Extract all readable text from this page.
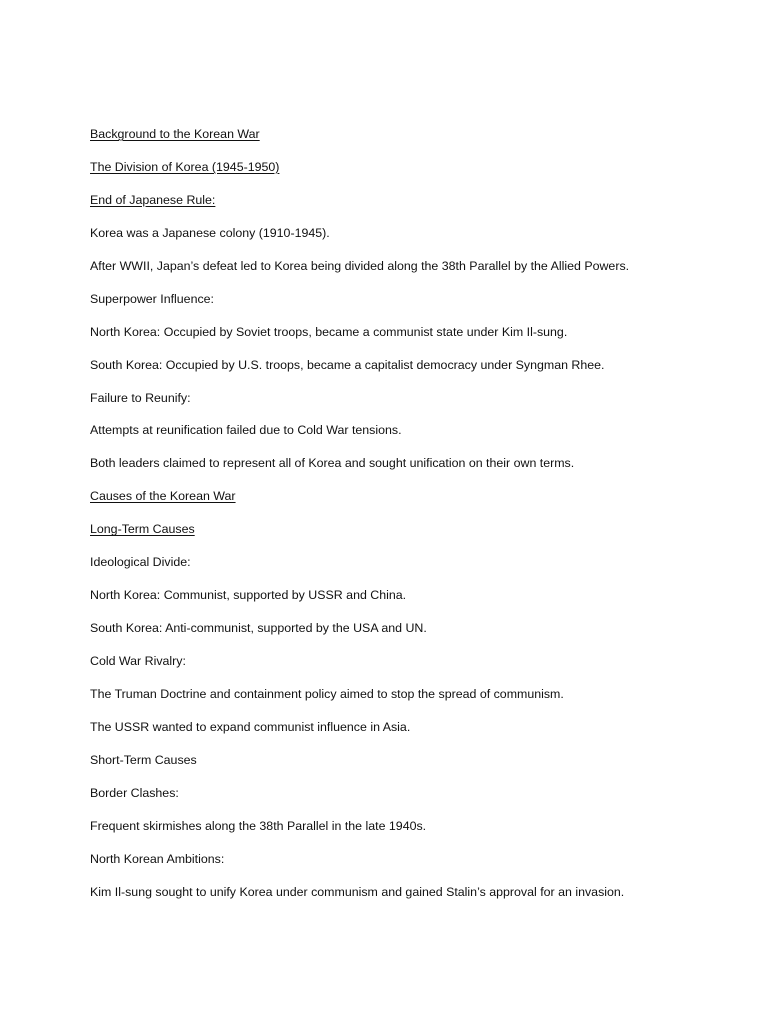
Background to the Korean War

The Division of Korea (1945-1950)

End of Japanese Rule:

Korea was a Japanese colony (1910-1945).

After WWII, Japan’s defeat led to Korea being divided along the 38th Parallel by the Allied Powers.

Superpower Influence:

North Korea: Occupied by Soviet troops, became a communist state under Kim Il-sung.

South Korea: Occupied by U.S. troops, became a capitalist democracy under Syngman Rhee.

Failure to Reunify:

Attempts at reunification failed due to Cold War tensions.

Both leaders claimed to represent all of Korea and sought unification on their own terms.

Causes of the Korean War

Long-Term Causes

Ideological Divide:

North Korea: Communist, supported by USSR and China.

South Korea: Anti-communist, supported by the USA and UN.

Cold War Rivalry:

The Truman Doctrine and containment policy aimed to stop the spread of communism.

The USSR wanted to expand communist influence in Asia.

Short-Term Causes

Border Clashes:

Frequent skirmishes along the 38th Parallel in the late 1940s.

North Korean Ambitions:

Kim Il-sung sought to unify Korea under communism and gained Stalin’s approval for an invasion.
